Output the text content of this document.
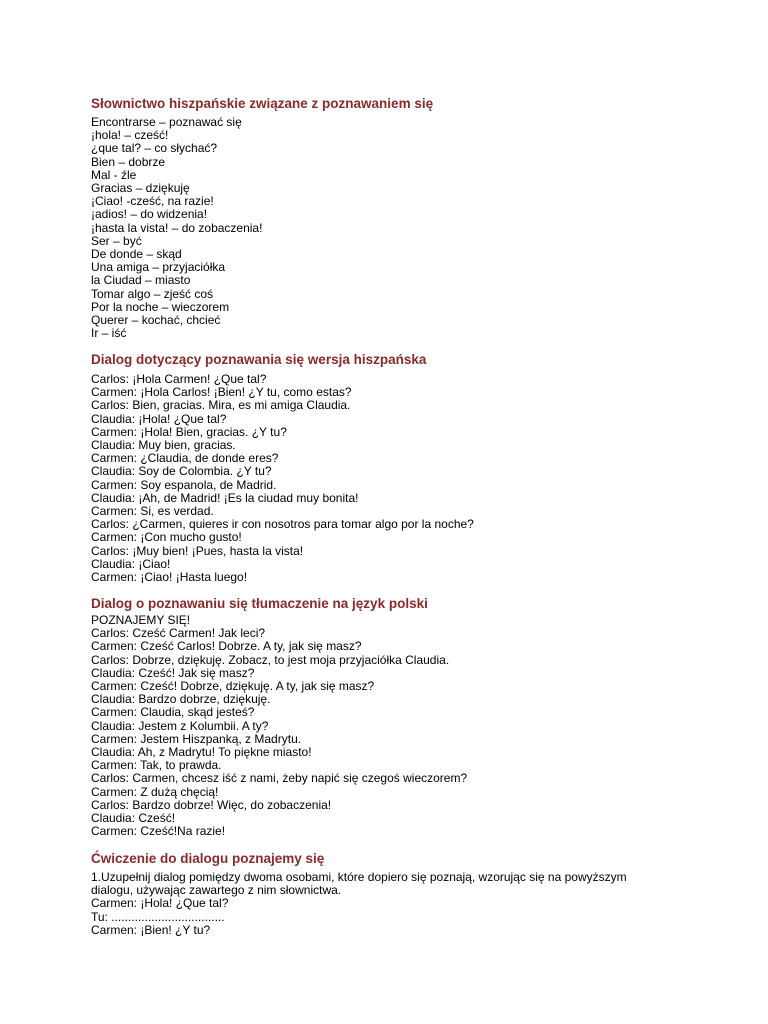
Słownictwo hiszpańskie związane z poznawaniem się
Encontrarse – poznawać się
¡hola! – cześć!
¿que tal? – co słychać?
Bien – dobrze
Mal - źle
Gracias – dziękuję
¡Ciao! -cześć, na razie!
¡adios! – do widzenia!
¡hasta la vista! – do zobaczenia!
Ser – być
De donde – skąd
Una amiga – przyjaciółka
la Ciudad – miasto
Tomar algo – zjeść coś
Por la noche – wieczorem
Querer – kochać, chcieć
Ir – iść
Dialog dotyczący poznawania się wersja hiszpańska
Carlos: ¡Hola Carmen! ¿Que tal?
Carmen: ¡Hola Carlos! ¡Bien! ¿Y tu, como estas?
Carlos: Bien, gracias. Mira, es mi amiga Claudia.
Claudia: ¡Hola! ¿Que tal?
Carmen: ¡Hola! Bien, gracias. ¿Y tu?
Claudia: Muy bien, gracias.
Carmen: ¿Claudia, de donde eres?
Claudia: Soy de Colombia. ¿Y tu?
Carmen: Soy espanola, de Madrid.
Claudia: ¡Ah, de Madrid! ¡Es la ciudad muy bonita!
Carmen: Si, es verdad.
Carlos: ¿Carmen, quieres ir con nosotros para tomar algo por la noche?
Carmen: ¡Con mucho gusto!
Carlos: ¡Muy bien! ¡Pues, hasta la vista!
Claudia: ¡Ciao!
Carmen: ¡Ciao! ¡Hasta luego!
Dialog o poznawaniu się tłumaczenie na język polski
POZNAJEMY SIĘ!
Carlos: Cześć Carmen! Jak leci?
Carmen: Cześć Carlos! Dobrze. A ty, jak się masz?
Carlos: Dobrze, dziękuję. Zobacz, to jest moja przyjaciółka Claudia.
Claudia: Cześć! Jak się masz?
Carmen: Cześć! Dobrze, dziękuję. A ty, jak się masz?
Claudia: Bardzo dobrze, dziękuję.
Carmen: Claudia, skąd jesteś?
Claudia: Jestem z Kolumbii. A ty?
Carmen: Jestem Hiszpanką, z Madrytu.
Claudia: Ah, z Madrytu! To piękne miasto!
Carmen: Tak, to prawda.
Carlos: Carmen, chcesz iść z nami, żeby napić się czegoś wieczorem?
Carmen: Z dużą chęcią!
Carlos: Bardzo dobrze! Więc, do zobaczenia!
Claudia: Cześć!
Carmen: Cześć!Na razie!
Ćwiczenie do dialogu poznajemy się

1.Uzupełnij dialog pomiędzy dwoma osobami, które dopiero się poznają, wzorując się na powyższym dialogu, używając zawartego z nim słownictwa.

Carmen: ¡Hola! ¿Que tal?
Tu: ..................................
Carmen: ¡Bien! ¿Y tu?
